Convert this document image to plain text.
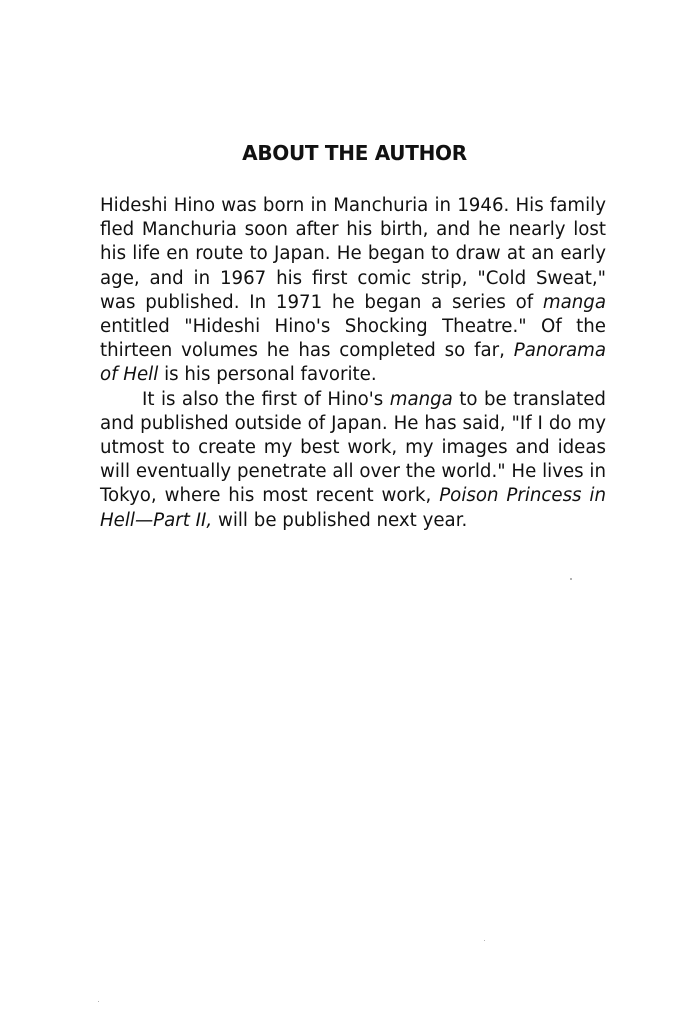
ABOUT THE AUTHOR

Hideshi Hino was born in Manchuria in 1946. His family fled Manchuria soon after his birth, and he nearly lost his life en route to Japan. He began to draw at an early age, and in 1967 his first comic strip, "Cold Sweat," was published. In 1971 he began a series of manga entitled "Hideshi Hino's Shocking Theatre." Of the thirteen volumes he has completed so far, Panorama of Hell is his personal favorite.

It is also the first of Hino's manga to be translated and published outside of Japan. He has said, "If I do my utmost to create my best work, my images and ideas will eventually penetrate all over the world." He lives in Tokyo, where his most recent work, Poison Princess in Hell—Part II, will be published next year.
